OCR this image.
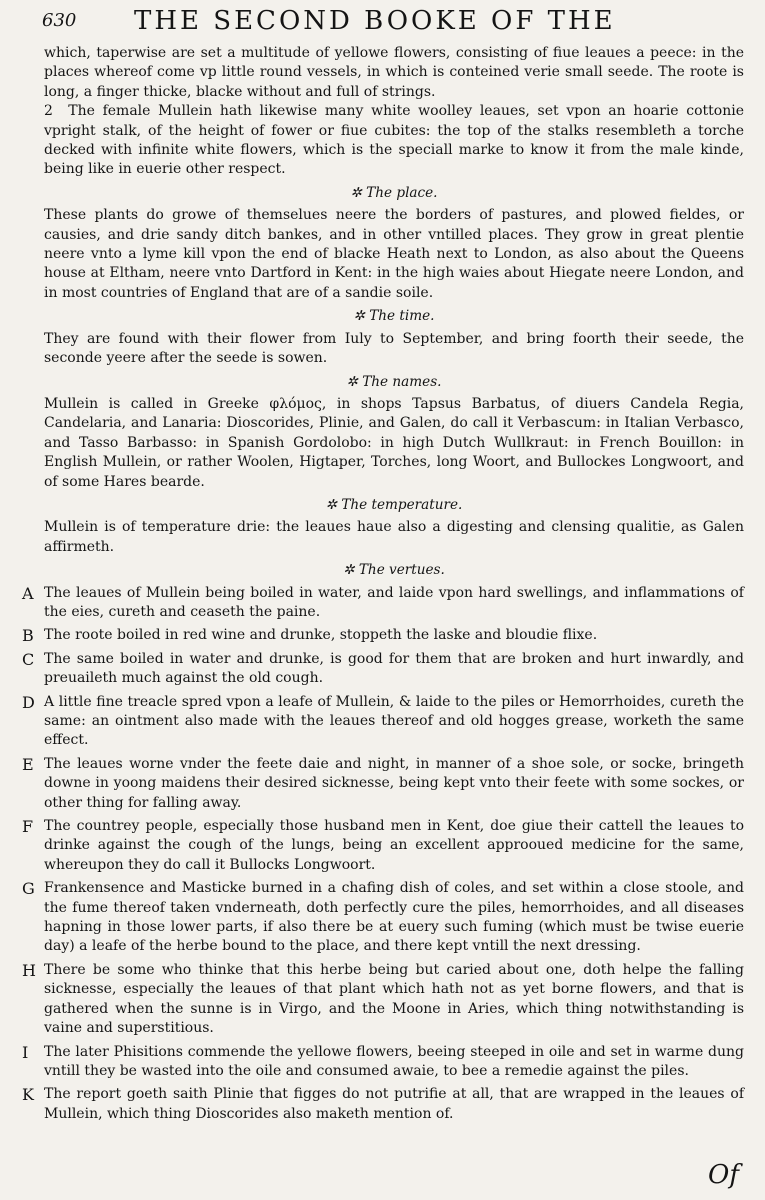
630 THE SECOND BOOKE OF THE

which, taperwise are set a multitude of yellowe flowers, consisting of fiue leaues a peece: in the places whereof come vp little round vessels, in which is conteined verie small seede. The roote is long, a finger thicke, blacke without and full of strings.

2 The female Mullein hath likewise many white woolley leaues, set vpon an hoarie cottonie vpright stalk, of the height of fower or fiue cubites: the top of the stalks resembleth a torche decked with infinite white flowers, which is the speciall marke to know it from the male kinde, being like in euerie other respect.

✲ The place.

These plants do growe of themselues neere the borders of pastures, and plowed fieldes, or causies, and drie sandy ditch bankes, and in other vntilled places. They grow in great plentie neere vnto a lyme kill vpon the end of blacke Heath next to London, as also about the Queens house at Eltham, neere vnto Dartford in Kent: in the high waies about Hiegate neere London, and in most countries of England that are of a sandie soile.

✲ The time.

They are found with their flower from Iuly to September, and bring foorth their seede, the seconde yeere after the seede is sowen.

✲ The names.

Mullein is called in Greeke φλόμος, in shops Tapsus Barbatus, of diuers Candela Regia, Candelaria, and Lanaria: Dioscorides, Plinie, and Galen, do call it Verbascum: in Italian Verbasco, and Tasso Barbasso: in Spanish Gordolobo: in high Dutch Wullkraut: in French Bouillon: in English Mullein, or rather Woolen, Higtaper, Torches, long Woort, and Bullockes Longwoort, and of some Hares bearde.

✲ The temperature.

Mullein is of temperature drie: the leaues haue also a digesting and clensing qualitie, as Galen affirmeth.

✲ The vertues.
A The leaues of Mullein being boiled in water, and laide vpon hard swellings, and inflammations of the eies, cureth and ceaseth the paine.

B The roote boiled in red wine and drunke, stoppeth the laske and bloudie flixe.

C The same boiled in water and drunke, is good for them that are broken and hurt inwardly, and preuaileth much against the old cough.

D A little fine treacle spred vpon a leafe of Mullein, & laide to the piles or Hemorrhoides, cureth the same: an ointment also made with the leaues thereof and old hogges grease, worketh the same effect.

E The leaues worne vnder the feete daie and night, in manner of a shoe sole, or socke, bringeth downe in yoong maidens their desired sicknesse, being kept vnto their feete with some sockes, or other thing for falling away.

F The countrey people, especially those husband men in Kent, doe giue their cattell the leaues to drinke against the cough of the lungs, being an excellent approoued medicine for the same, whereupon they do call it Bullocks Longwoort.

G Frankensence and Masticke burned in a chafing dish of coles, and set within a close stoole, and the fume thereof taken vnderneath, doth perfectly cure the piles, hemorrhoides, and all diseases hapning in those lower parts, if also there be at euery such fuming (which must be twise euerie day) a leafe of the herbe bound to the place, and there kept vntill the next dressing.

H There be some who thinke that this herbe being but caried about one, doth helpe the falling sicknesse, especially the leaues of that plant which hath not as yet borne flowers, and that is gathered when the sunne is in Virgo, and the Moone in Aries, which thing notwithstanding is vaine and superstitious.

I The later Phisitions commende the yellowe flowers, beeing steeped in oile and set in warme dung vntill they be wasted into the oile and consumed awaie, to bee a remedie against the piles.

K The report goeth saith Plinie that figges do not putrifie at all, that are wrapped in the leaues of Mullein, which thing Dioscorides also maketh mention of.

Of
